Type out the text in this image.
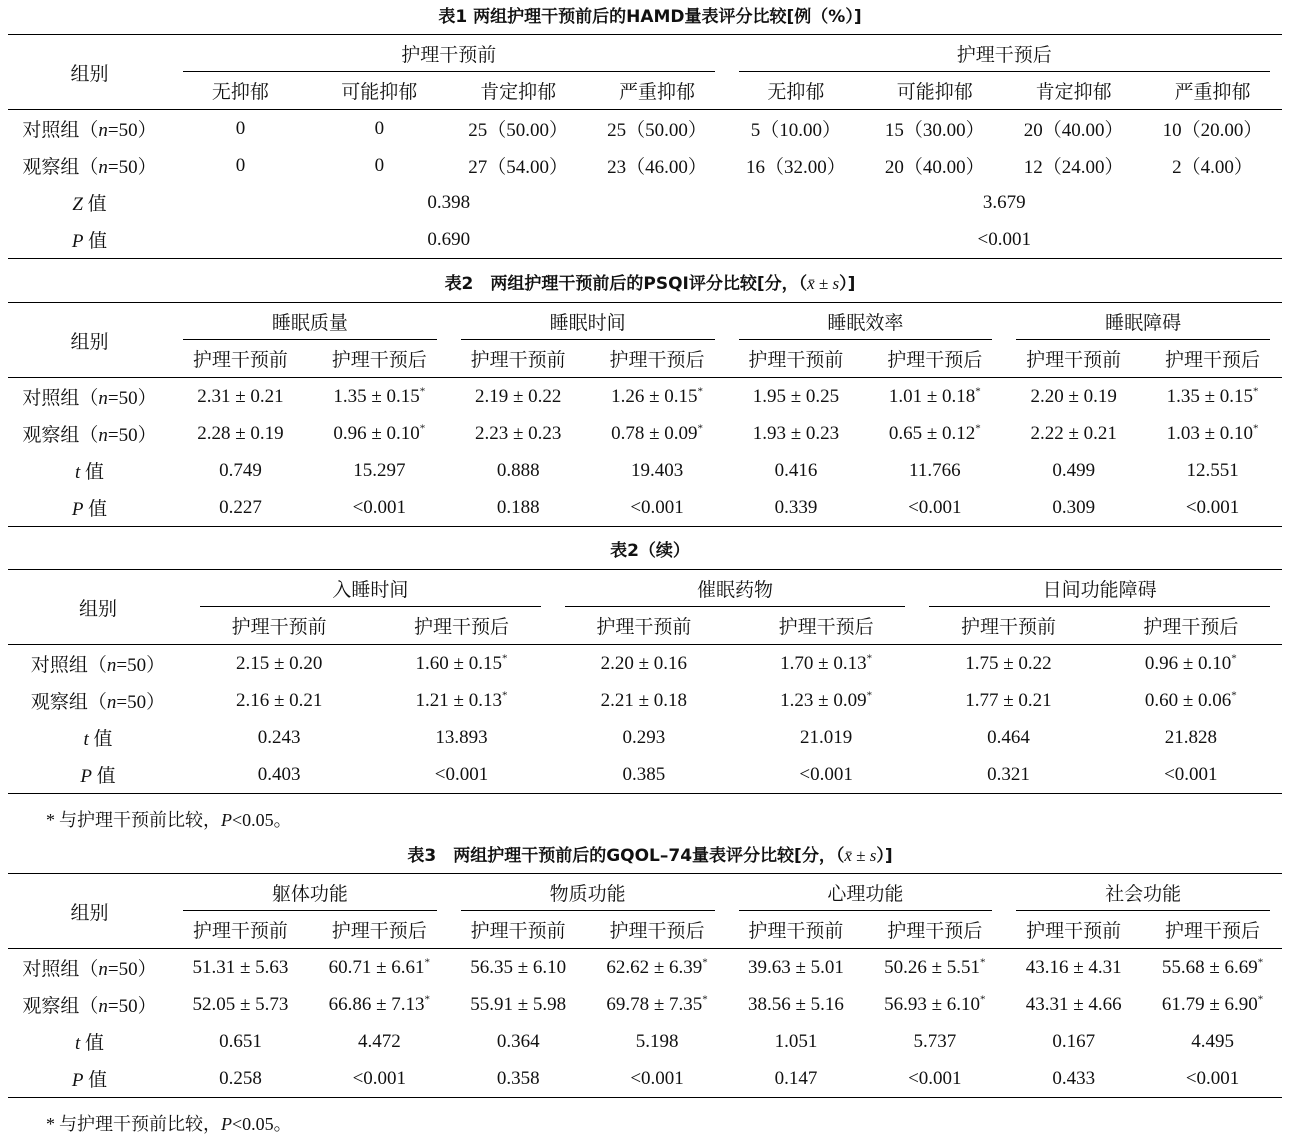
表1 两组护理干预前后的HAMD量表评分比较[例（%）]
组别	护理干预前				护理干预后			
	无抑郁	可能抑郁	肯定抑郁	严重抑郁	无抑郁	可能抑郁	肯定抑郁	严重抑郁
对照组（n=50）	0	0	25（50.00）	25（50.00）	5（10.00）	15（30.00）	20（40.00）	10（20.00）
观察组（n=50）	0	0	27（54.00）	23（46.00）	16（32.00）	20（40.00）	12（24.00）	2（4.00）
Z 值	0.398				3.679			
P 值	0.690				<0.001			
表2　两组护理干预前后的PSQI评分比较[分，（x̄ ± s）]
组别	睡眠质量		睡眠时间		睡眠效率		睡眠障碍	
	护理干预前	护理干预后	护理干预前	护理干预后	护理干预前	护理干预后	护理干预前	护理干预后
对照组（n=50）	2.31 ± 0.21	1.35 ± 0.15*	2.19 ± 0.22	1.26 ± 0.15*	1.95 ± 0.25	1.01 ± 0.18*	2.20 ± 0.19	1.35 ± 0.15*
观察组（n=50）	2.28 ± 0.19	0.96 ± 0.10*	2.23 ± 0.23	0.78 ± 0.09*	1.93 ± 0.23	0.65 ± 0.12*	2.22 ± 0.21	1.03 ± 0.10*
t 值	0.749	15.297	0.888	19.403	0.416	11.766	0.499	12.551
P 值	0.227	<0.001	0.188	<0.001	0.339	<0.001	0.309	<0.001
表2（续）
组别	入睡时间		催眠药物		日间功能障碍	
	护理干预前	护理干预后	护理干预前	护理干预后	护理干预前	护理干预后
对照组（n=50）	2.15 ± 0.20	1.60 ± 0.15*	2.20 ± 0.16	1.70 ± 0.13*	1.75 ± 0.22	0.96 ± 0.10*
观察组（n=50）	2.16 ± 0.21	1.21 ± 0.13*	2.21 ± 0.18	1.23 ± 0.09*	1.77 ± 0.21	0.60 ± 0.06*
t 值	0.243	13.893	0.293	21.019	0.464	21.828
P 值	0.403	<0.001	0.385	<0.001	0.321	<0.001
* 与护理干预前比较，P<0.05。
表3　两组护理干预前后的GQOL–74量表评分比较[分，（x̄ ± s）]
组别	躯体功能		物质功能		心理功能		社会功能	
	护理干预前	护理干预后	护理干预前	护理干预后	护理干预前	护理干预后	护理干预前	护理干预后
对照组（n=50）	51.31 ± 5.63	60.71 ± 6.61*	56.35 ± 6.10	62.62 ± 6.39*	39.63 ± 5.01	50.26 ± 5.51*	43.16 ± 4.31	55.68 ± 6.69*
观察组（n=50）	52.05 ± 5.73	66.86 ± 7.13*	55.91 ± 5.98	69.78 ± 7.35*	38.56 ± 5.16	56.93 ± 6.10*	43.31 ± 4.66	61.79 ± 6.90*
t 值	0.651	4.472	0.364	5.198	1.051	5.737	0.167	4.495
P 值	0.258	<0.001	0.358	<0.001	0.147	<0.001	0.433	<0.001
* 与护理干预前比较，P<0.05。
